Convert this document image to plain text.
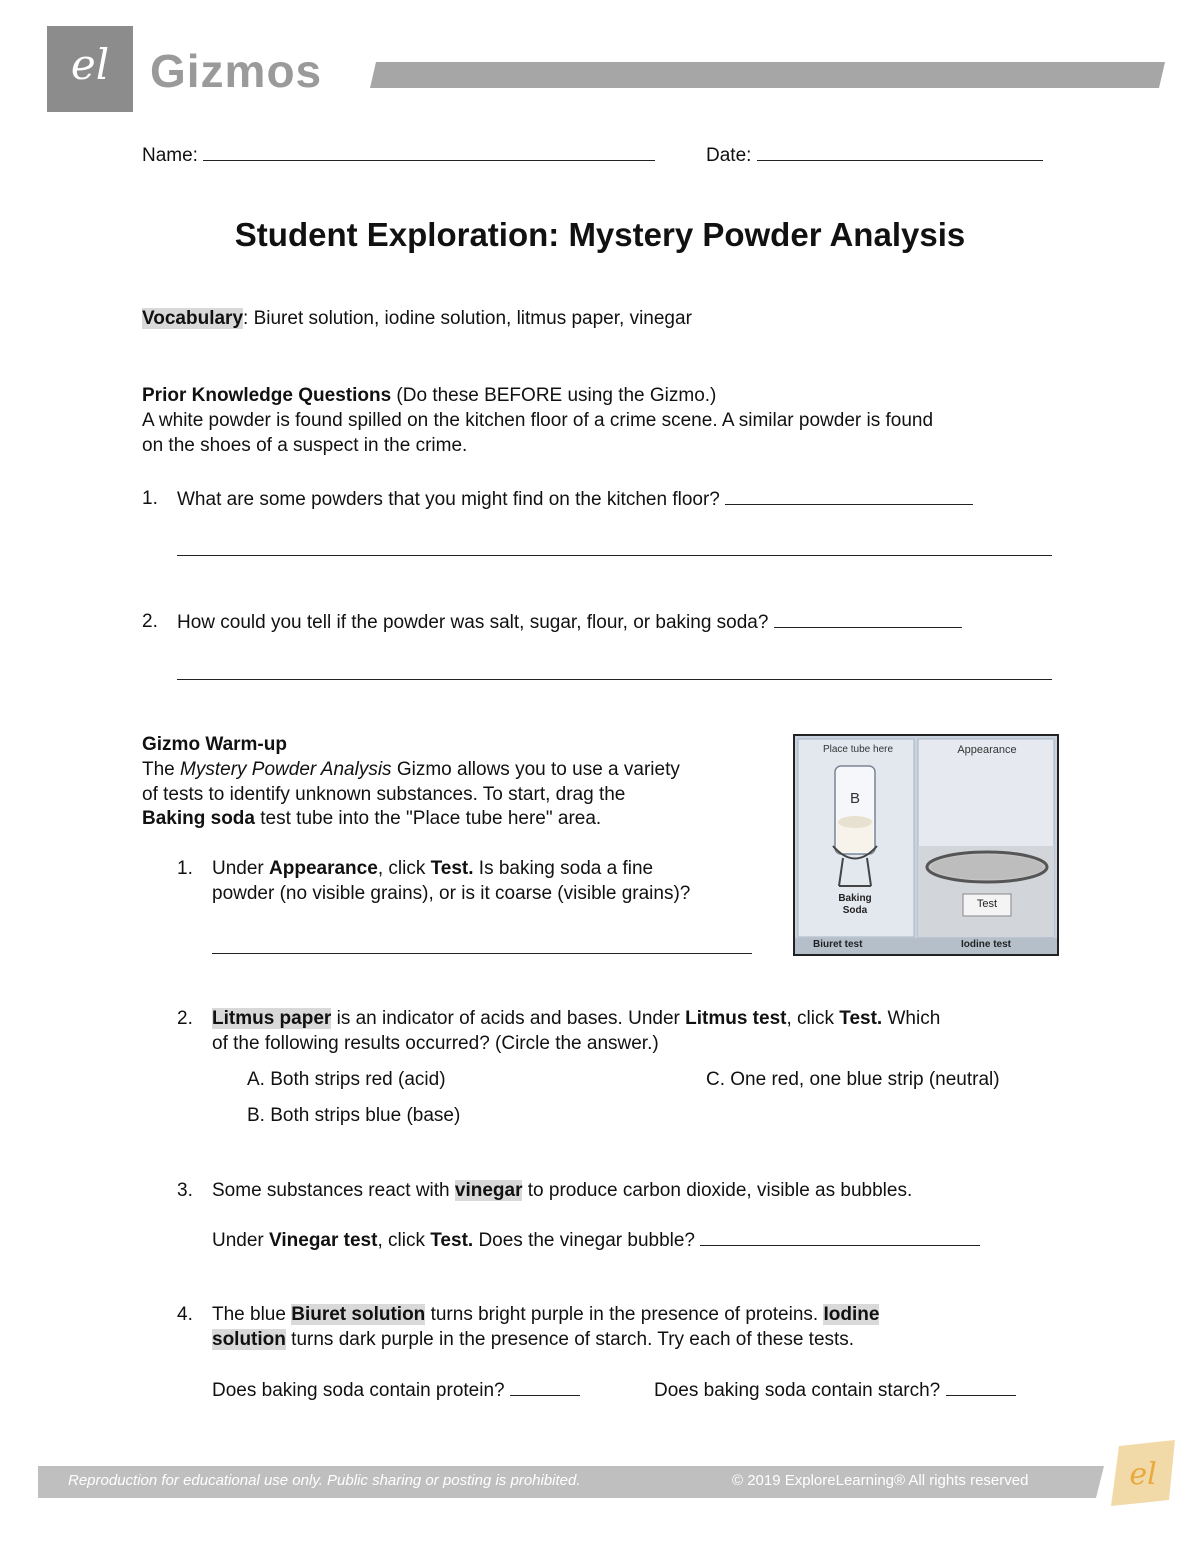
el Gizmos
Name:	Date:
Student Exploration: Mystery Powder Analysis
Vocabulary: Biuret solution, iodine solution, litmus paper, vinegar
Prior Knowledge Questions (Do these BEFORE using the Gizmo.)
A white powder is found spilled on the kitchen floor of a crime scene. A similar powder is found
on the shoes of a suspect in the crime.
1. What are some powders that you might find on the kitchen floor?
2. How could you tell if the powder was salt, sugar, flour, or baking soda?
Gizmo Warm-up
The Mystery Powder Analysis Gizmo allows you to use a variety
of tests to identify unknown substances. To start, drag the
Baking soda test tube into the "Place tube here" area.
1. Under Appearance, click Test. Is baking soda a fine
powder (no visible grains), or is it coarse (visible grains)?
Place tube here	Appearance
B
Baking
Soda
Test
Biuret test	Iodine test
2. Litmus paper is an indicator of acids and bases. Under Litmus test, click Test. Which
of the following results occurred? (Circle the answer.)
A. Both strips red (acid)	C. One red, one blue strip (neutral)
B. Both strips blue (base)
3. Some substances react with vinegar to produce carbon dioxide, visible as bubbles.
Under Vinegar test, click Test. Does the vinegar bubble?
4. The blue Biuret solution turns bright purple in the presence of proteins. Iodine
solution turns dark purple in the presence of starch. Try each of these tests.
Does baking soda contain protein?	Does baking soda contain starch?
Reproduction for educational use only. Public sharing or posting is prohibited.	© 2019 ExploreLearning® All rights reserved	el
